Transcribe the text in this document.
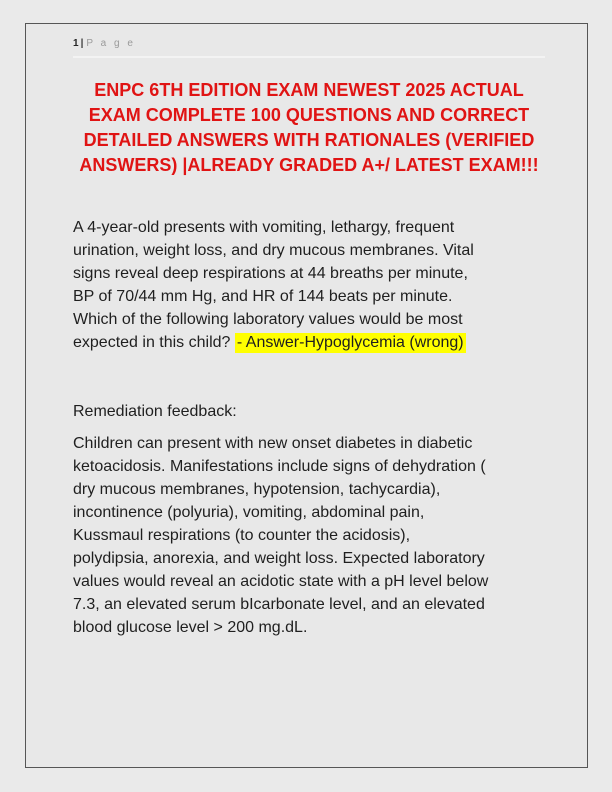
1 | P a g e
ENPC 6TH EDITION EXAM NEWEST 2025 ACTUAL
EXAM COMPLETE 100 QUESTIONS AND CORRECT
DETAILED ANSWERS WITH RATIONALES (VERIFIED
ANSWERS) |ALREADY GRADED A+/ LATEST EXAM!!!
A 4-year-old presents with vomiting, lethargy, frequent
urination, weight loss, and dry mucous membranes. Vital
signs reveal deep respirations at 44 breaths per minute,
BP of 70/44 mm Hg, and HR of 144 beats per minute.
Which of the following laboratory values would be most
expected in this child? - Answer-Hypoglycemia (wrong)
Remediation feedback:
Children can present with new onset diabetes in diabetic
ketoacidosis. Manifestations include signs of dehydration (
dry mucous membranes, hypotension, tachycardia),
incontinence (polyuria), vomiting, abdominal pain,
Kussmaul respirations (to counter the acidosis),
polydipsia, anorexia, and weight loss. Expected laboratory
values would reveal an acidotic state with a pH level below
7.3, an elevated serum bIcarbonate level, and an elevated
blood glucose level > 200 mg.dL.
